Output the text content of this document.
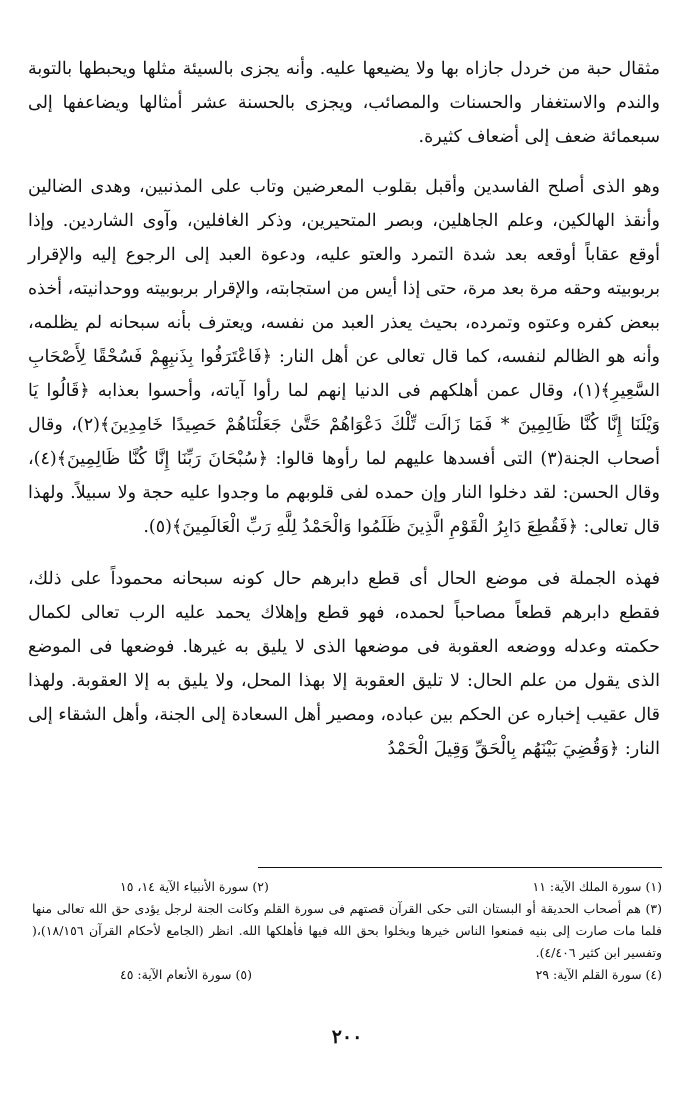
مثقال حبة من خردل جازاه بها ولا يضيعها عليه. وأنه يجزى بالسيئة مثلها ويحبطها بالتوبة والندم والاستغفار والحسنات والمصائب، ويجزى بالحسنة عشر أمثالها ويضاعفها إلى سبعمائة ضعف إلى أضعاف كثيرة.

وهو الذى أصلح الفاسدين وأقبل بقلوب المعرضين وتاب على المذنبين، وهدى الضالين وأنقذ الهالكين، وعلم الجاهلين، وبصر المتحيرين، وذكر الغافلين، وآوى الشاردين. وإذا أوقع عقاباً أوقعه بعد شدة التمرد والعتو عليه، ودعوة العبد إلى الرجوع إليه والإقرار بربوبيته وحقه مرة بعد مرة، حتى إذا أيس من استجابته، والإقرار بربوبيته ووحدانيته، أخذه ببعض كفره وعتوه وتمرده، بحيث يعذر العبد من نفسه، ويعترف بأنه سبحانه لم يظلمه، وأنه هو الظالم لنفسه، كما قال تعالى عن أهل النار: ﴿فَاعْتَرَفُوا بِذَنبِهِمْ فَسُحْقًا لِأَصْحَابِ السَّعِيرِ﴾(١)، وقال عمن أهلكهم فى الدنيا إنهم لما رأوا آياته، وأحسوا بعذابه ﴿قَالُوا يَا وَيْلَنَا إِنَّا كُنَّا ظَالِمِينَ * فَمَا زَالَت تِّلْكَ دَعْوَاهُمْ حَتَّىٰ جَعَلْنَاهُمْ حَصِيدًا خَامِدِينَ﴾(٢)، وقال أصحاب الجنة(٣) التى أفسدها عليهم لما رأوها قالوا: ﴿سُبْحَانَ رَبِّنَا إِنَّا كُنَّا ظَالِمِينَ﴾(٤)، وقال الحسن: لقد دخلوا النار وإن حمده لفى قلوبهم ما وجدوا عليه حجة ولا سبيلاً. ولهذا قال تعالى: ﴿فَقُطِعَ دَابِرُ الْقَوْمِ الَّذِينَ ظَلَمُوا وَالْحَمْدُ لِلَّهِ رَبِّ الْعَالَمِينَ﴾(٥).

فهذه الجملة فى موضع الحال أى قطع دابرهم حال كونه سبحانه محموداً على ذلك، فقطع دابرهم قطعاً مصاحباً لحمده، فهو قطع وإهلاك يحمد عليه الرب تعالى لكمال حكمته وعدله ووضعه العقوبة فى موضعها الذى لا يليق به غيرها. فوضعها فى الموضع الذى يقول من علم الحال: لا تليق العقوبة إلا بهذا المحل، ولا يليق به إلا العقوبة. ولهذا قال عقيب إخباره عن الحكم بين عباده، ومصير أهل السعادة إلى الجنة، وأهل الشقاء إلى النار: ﴿وَقُضِيَ بَيْنَهُم بِالْحَقِّ وَقِيلَ الْحَمْدُ

(١) سورة الملك الآية: ١١
(٢) سورة الأنبياء الآية ١٤، ١٥
(٣) هم أصحاب الحديقة أو البستان التى حكى القرآن قصتهم فى سورة القلم وكانت الجنة لرجل يؤدى حق الله تعالى منها فلما مات صارت إلى بنيه فمنعوا الناس خيرها وبخلوا بحق الله فيها فأهلكها الله. انظر (الجامع لأحكام القرآن ١٨/١٥٦)،( وتفسير ابن كثير ٤/٤٠٦).
(٤) سورة القلم الآية: ٢٩
(٥) سورة الأنعام الآية: ٤٥
٢٠٠
